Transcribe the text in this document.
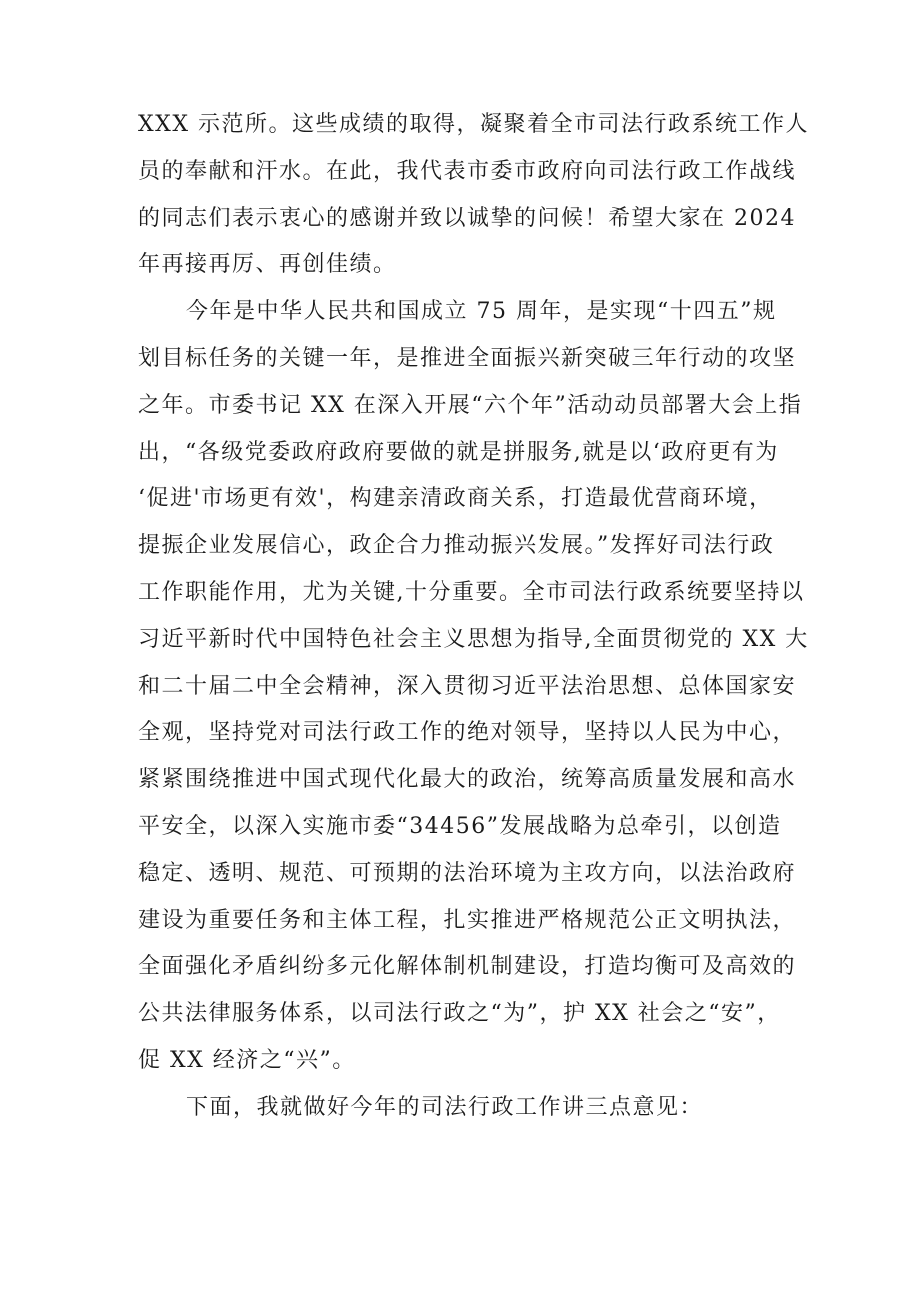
XXX 示范所。这些成绩的取得，凝聚着全市司法行政系统工作人
员的奉献和汗水。在此，我代表市委市政府向司法行政工作战线
的同志们表示衷心的感谢并致以诚挚的问候！希望大家在 2024
年再接再厉、再创佳绩。

今年是中华人民共和国成立 75 周年，是实现“十四五”规
划目标任务的关键一年，是推进全面振兴新突破三年行动的攻坚
之年。市委书记 XX 在深入开展“六个年”活动动员部署大会上指
出，“各级党委政府政府要做的就是拼服务,就是以‘政府更有为
‘促进'市场更有效'，构建亲清政商关系，打造最优营商环境，
提振企业发展信心，政企合力推动振兴发展。”发挥好司法行政
工作职能作用，尤为关键,十分重要。全市司法行政系统要坚持以
习近平新时代中国特色社会主义思想为指导,全面贯彻党的 XX 大
和二十届二中全会精神，深入贯彻习近平法治思想、总体国家安
全观，坚持党对司法行政工作的绝对领导，坚持以人民为中心，
紧紧围绕推进中国式现代化最大的政治，统筹高质量发展和高水
平安全，以深入实施市委“34456”发展战略为总牵引，以创造
稳定、透明、规范、可预期的法治环境为主攻方向，以法治政府
建设为重要任务和主体工程，扎实推进严格规范公正文明执法，
全面强化矛盾纠纷多元化解体制机制建设，打造均衡可及高效的
公共法律服务体系，以司法行政之“为”，护 XX 社会之“安”，
促 XX 经济之“兴”。

下面，我就做好今年的司法行政工作讲三点意见：
